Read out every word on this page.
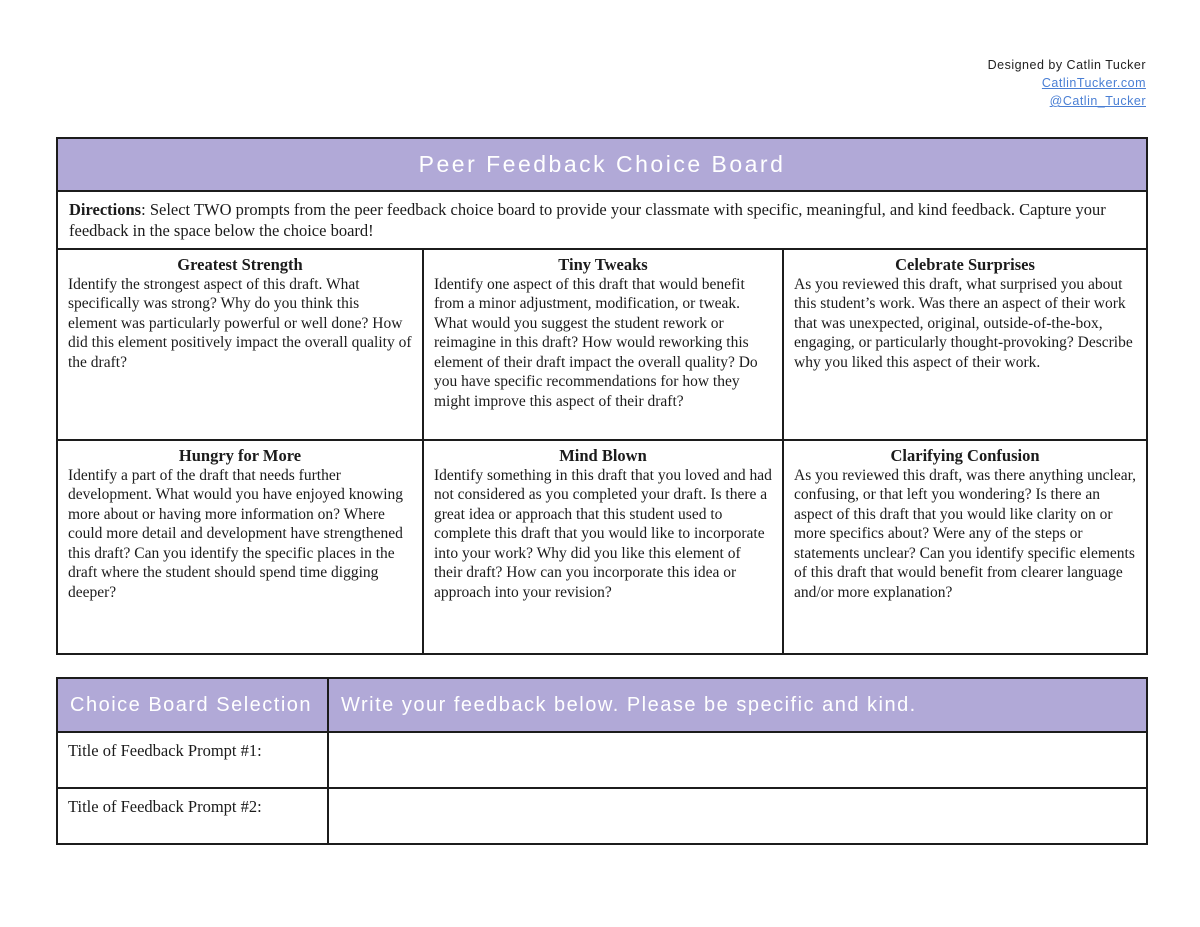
Designed by Catlin Tucker
CatlinTucker.com
@Catlin_Tucker
Peer Feedback Choice Board		
Directions: Select TWO prompts from the peer feedback choice board to provide your classmate with specific, meaningful, and kind feedback. Capture your feedback in the space below the choice board!		

Greatest Strength
Identify the strongest aspect of this draft. What specifically was strong? Why do you think this element was particularly powerful or well done? How did this element positively impact the overall quality of the draft?

Tiny Tweaks
Identify one aspect of this draft that would benefit from a minor adjustment, modification, or tweak. What would you suggest the student rework or reimagine in this draft? How would reworking this element of their draft impact the overall quality? Do you have specific recommendations for how they might improve this aspect of their draft?

Celebrate Surprises
As you reviewed this draft, what surprised you about this student’s work. Was there an aspect of their work that was unexpected, original, outside-of-the-box, engaging, or particularly thought-provoking? Describe why you liked this aspect of their work.

Hungry for More
Identify a part of the draft that needs further development. What would you have enjoyed knowing more about or having more information on? Where could more detail and development have strengthened this draft? Can you identify the specific places in the draft where the student should spend time digging deeper?

Mind Blown
Identify something in this draft that you loved and had not considered as you completed your draft. Is there a great idea or approach that this student used to complete this draft that you would like to incorporate into your work? Why did you like this element of their draft? How can you incorporate this idea or approach into your revision?

Clarifying Confusion
As you reviewed this draft, was there anything unclear, confusing, or that left you wondering? Is there an aspect of this draft that you would like clarity on or more specifics about? Were any of the steps or statements unclear? Can you identify specific elements of this draft that would benefit from clearer language and/or more explanation?
Choice Board Selection	Write your feedback below. Please be specific and kind.
Title of Feedback Prompt #1:	
Title of Feedback Prompt #2:	
